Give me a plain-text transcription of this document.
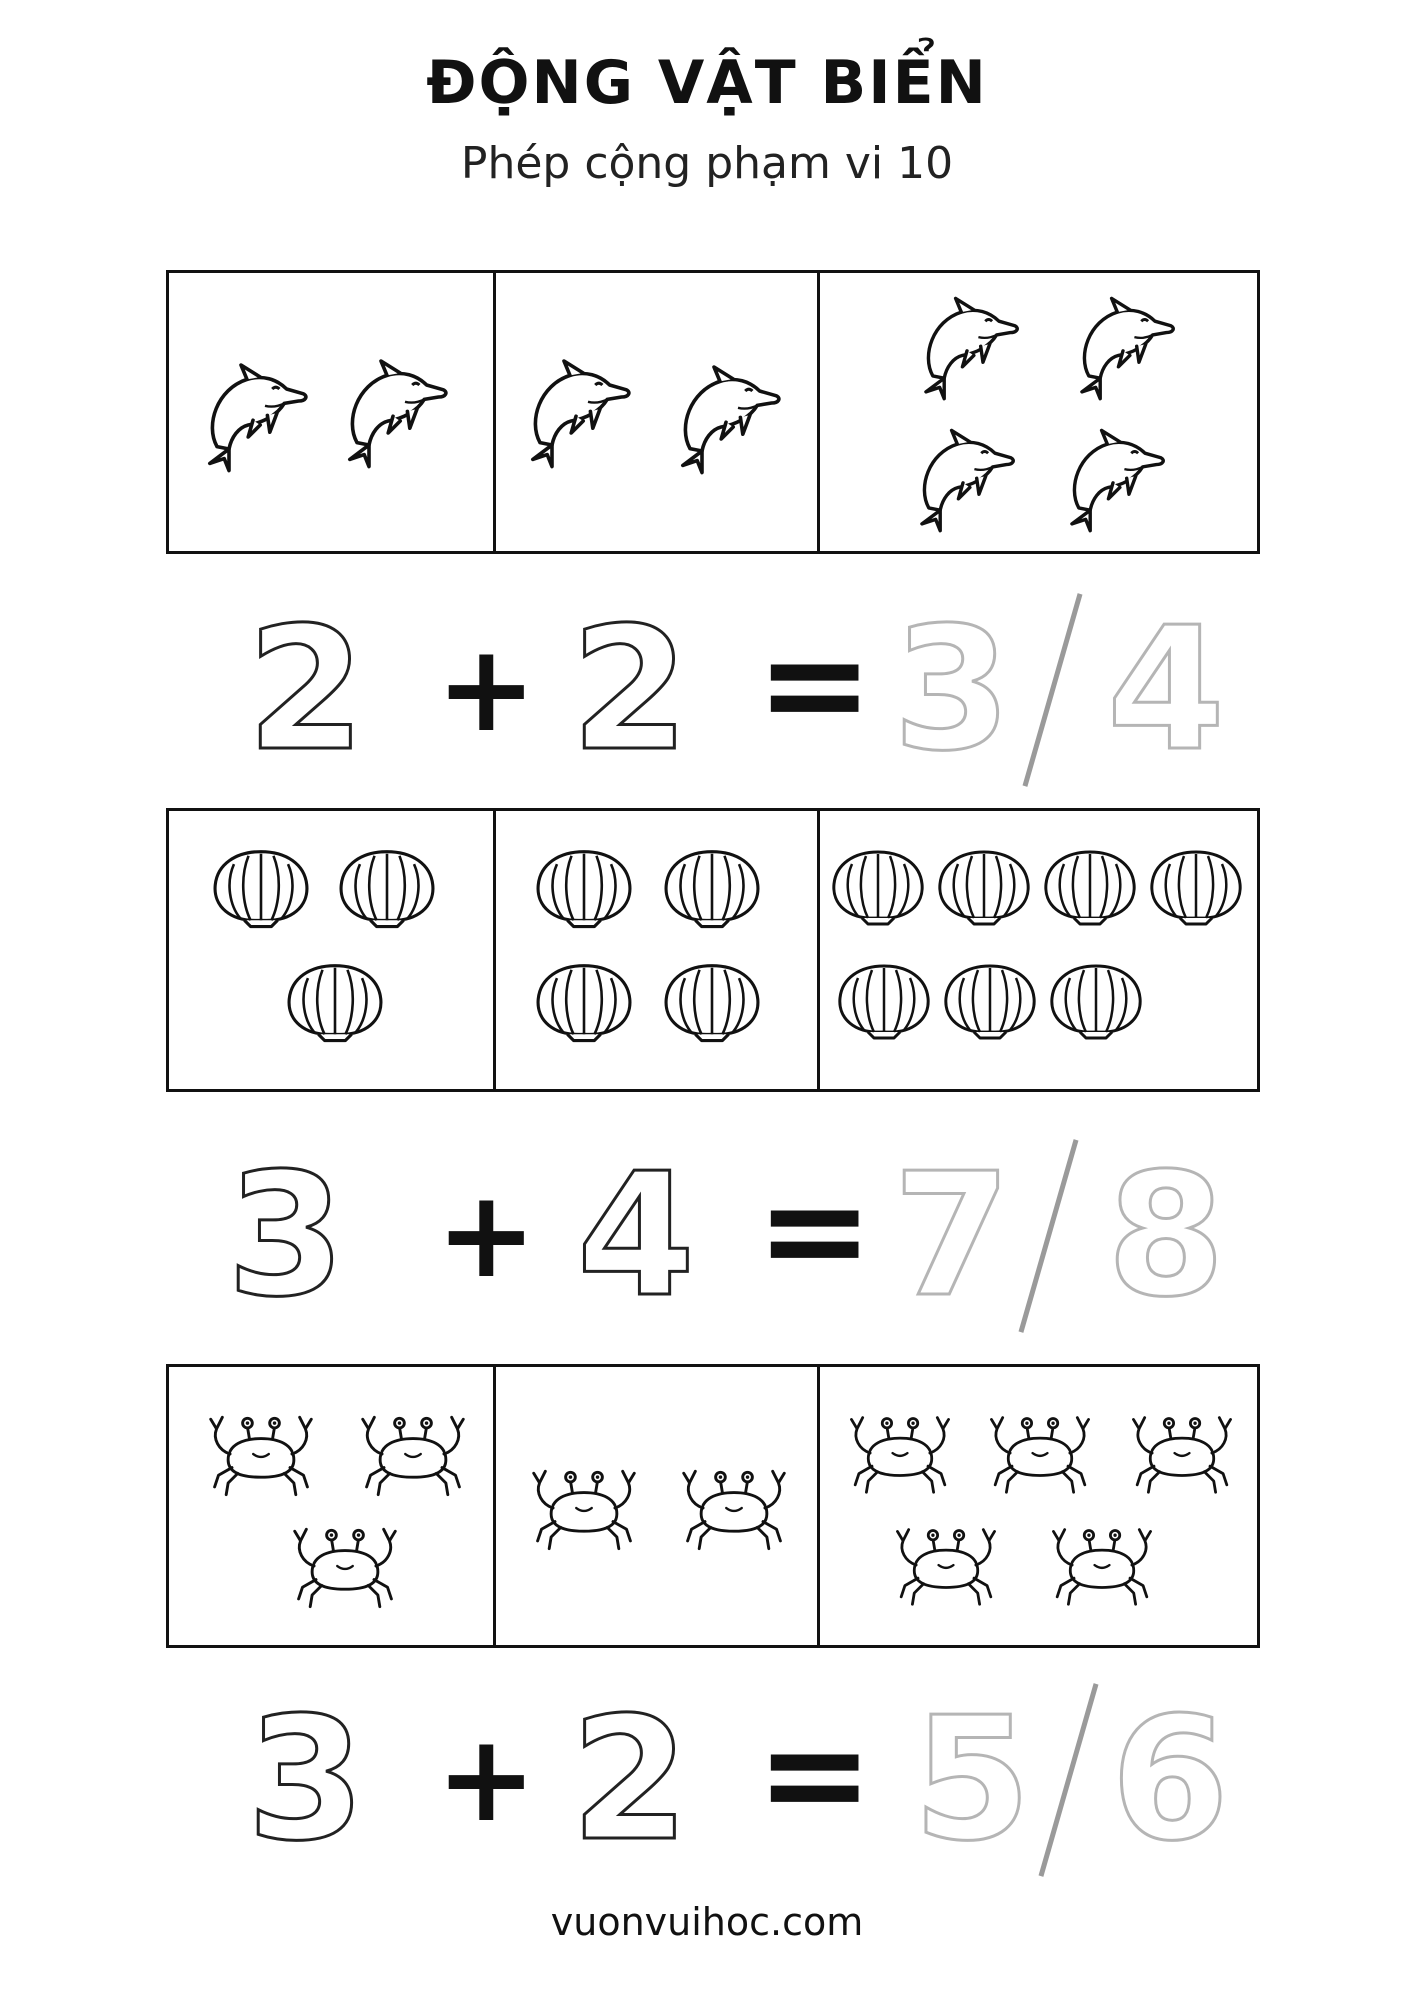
ĐỘNG VẬT BIỂN
Phép cộng phạm vi 10
2 + 2 = 3 4
3 + 4 = 7 8
3 + 2 = 5 6
vuonvuihoc.com
